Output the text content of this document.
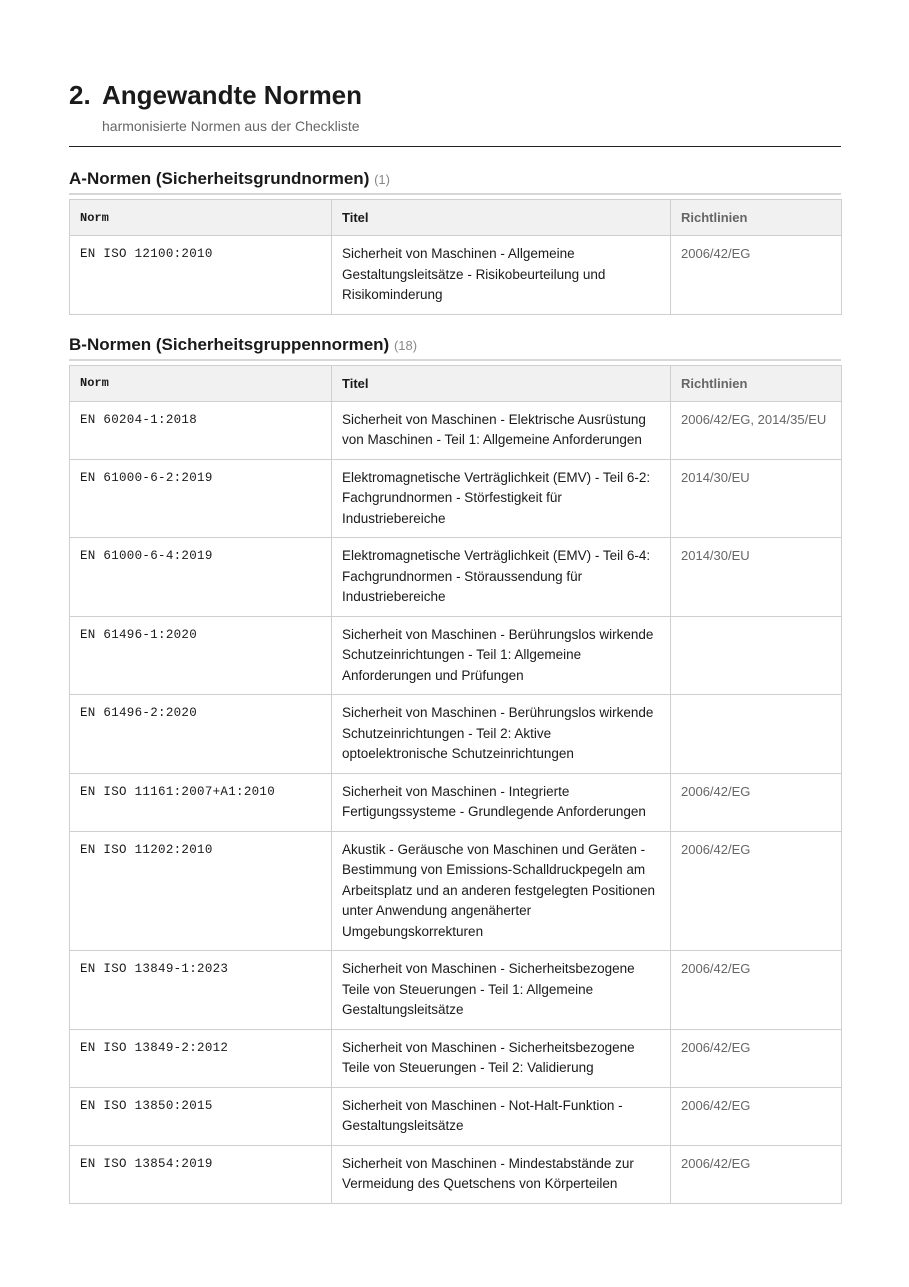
2. Angewandte Normen
harmonisierte Normen aus der Checkliste
A-Normen (Sicherheitsgrundnormen) (1)
Norm	Titel	Richtlinien
EN ISO 12100:2010	Sicherheit von Maschinen - Allgemeine Gestaltungsleitsätze - Risikobeurteilung und Risikominderung	2006/42/EG
B-Normen (Sicherheitsgruppennormen) (18)
Norm	Titel	Richtlinien
EN 60204-1:2018	Sicherheit von Maschinen - Elektrische Ausrüstung von Maschinen - Teil 1: Allgemeine Anforderungen	2006/42/EG, 2014/35/EU
EN 61000-6-2:2019	Elektromagnetische Verträglichkeit (EMV) - Teil 6-2: Fachgrundnormen - Störfestigkeit für Industriebereiche	2014/30/EU
EN 61000-6-4:2019	Elektromagnetische Verträglichkeit (EMV) - Teil 6-4: Fachgrundnormen - Störaussendung für Industriebereiche	2014/30/EU
EN 61496-1:2020	Sicherheit von Maschinen - Berührungslos wirkende Schutzeinrichtungen - Teil 1: Allgemeine Anforderungen und Prüfungen	
EN 61496-2:2020	Sicherheit von Maschinen - Berührungslos wirkende Schutzeinrichtungen - Teil 2: Aktive optoelektronische Schutzeinrichtungen	
EN ISO 11161:2007+A1:2010	Sicherheit von Maschinen - Integrierte Fertigungssysteme - Grundlegende Anforderungen	2006/42/EG
EN ISO 11202:2010	Akustik - Geräusche von Maschinen und Geräten - Bestimmung von Emissions-Schalldruckpegeln am Arbeitsplatz und an anderen festgelegten Positionen unter Anwendung angenäherter Umgebungskorrekturen	2006/42/EG
EN ISO 13849-1:2023	Sicherheit von Maschinen - Sicherheitsbezogene Teile von Steuerungen - Teil 1: Allgemeine Gestaltungsleitsätze	2006/42/EG
EN ISO 13849-2:2012	Sicherheit von Maschinen - Sicherheitsbezogene Teile von Steuerungen - Teil 2: Validierung	2006/42/EG
EN ISO 13850:2015	Sicherheit von Maschinen - Not-Halt-Funktion - Gestaltungsleitsätze	2006/42/EG
EN ISO 13854:2019	Sicherheit von Maschinen - Mindestabstände zur Vermeidung des Quetschens von Körperteilen	2006/42/EG
